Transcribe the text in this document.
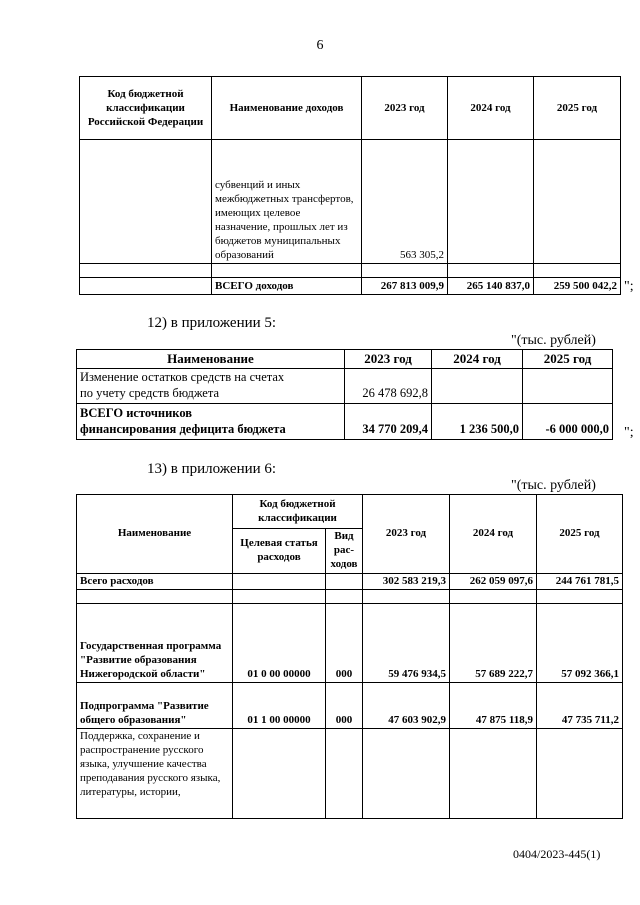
6
Код бюджетной классификации Российской Федерации	Наименование доходов	2023 год	2024 год	2025 год
	субвенций и иных межбюджетных трансфертов, имеющих целевое назначение, прошлых лет из бюджетов муниципальных образований	563 305,2		

	ВСЕГО доходов	267 813 009,9	265 140 837,0	259 500 042,2 ";
12) в приложении 5:
"(тыс. рублей)
Наименование	2023 год	2024 год	2025 год

Изменение остатков средств на счетах
по учету средств бюджета	26 478 692,8		

ВСЕГО источников
финансирования дефицита бюджета	34 770 209,4	1 236 500,0	-6 000 000,0 ";
13) в приложении 6:
"(тыс. рублей)
Наименование	Код бюджетной классификации		2023 год	2024 год	2025 год
	Целевая статья расходов	Вид рас-ходов			
Всего расходов			302 583 219,3	262 059 097,6	244 761 781,5

Государственная программа "Развитие образования Нижегородской области"	01 0 00 00000	000	59 476 934,5	57 689 222,7	57 092 366,1
Подпрограмма "Развитие общего образования"	01 1 00 00000	000	47 603 902,9	47 875 118,9	47 735 711,2
Поддержка, сохранение и распространение русского языка, улучшение качества преподавания русского языка, литературы, истории,					
0404/2023-445(1)
